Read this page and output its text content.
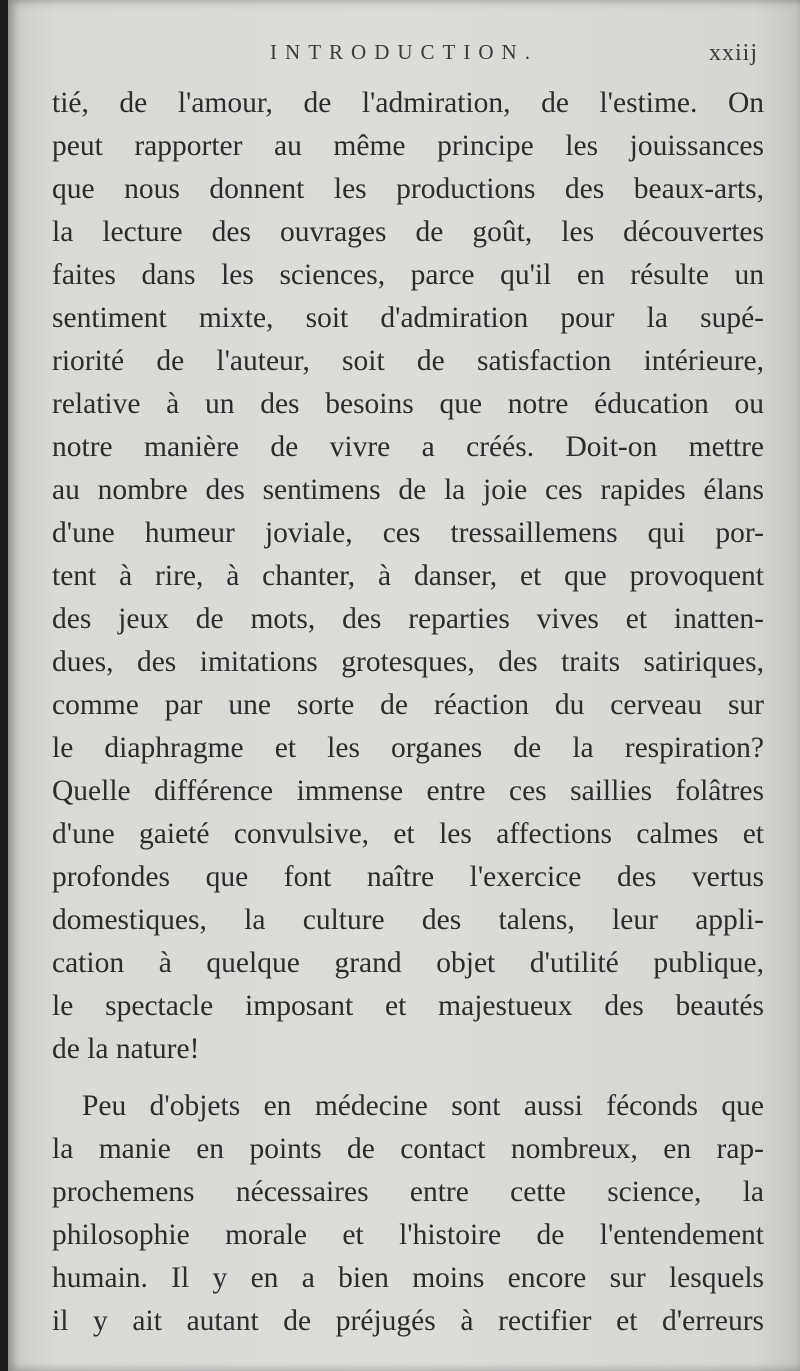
INTRODUCTION.	xxiij
tié, de l'amour, de l'admiration, de l'estime. On
peut rapporter au même principe les jouissances
que nous donnent les productions des beaux-arts,
la lecture des ouvrages de goût, les découvertes
faites dans les sciences, parce qu'il en résulte un
sentiment mixte, soit d'admiration pour la supé-
riorité de l'auteur, soit de satisfaction intérieure,
relative à un des besoins que notre éducation ou
notre manière de vivre a créés. Doit-on mettre
au nombre des sentimens de la joie ces rapides élans
d'une humeur joviale, ces tressaillemens qui por-
tent à rire, à chanter, à danser, et que provoquent
des jeux de mots, des reparties vives et inatten-
dues, des imitations grotesques, des traits satiriques,
comme par une sorte de réaction du cerveau sur
le diaphragme et les organes de la respiration?
Quelle différence immense entre ces saillies folâtres
d'une gaieté convulsive, et les affections calmes et
profondes que font naître l'exercice des vertus
domestiques, la culture des talens, leur appli-
cation à quelque grand objet d'utilité publique,
le spectacle imposant et majestueux des beautés
de la nature!
Peu d'objets en médecine sont aussi féconds que
la manie en points de contact nombreux, en rap-
prochemens nécessaires entre cette science, la
philosophie morale et l'histoire de l'entendement
humain. Il y en a bien moins encore sur lesquels
il y ait autant de préjugés à rectifier et d'erreurs
